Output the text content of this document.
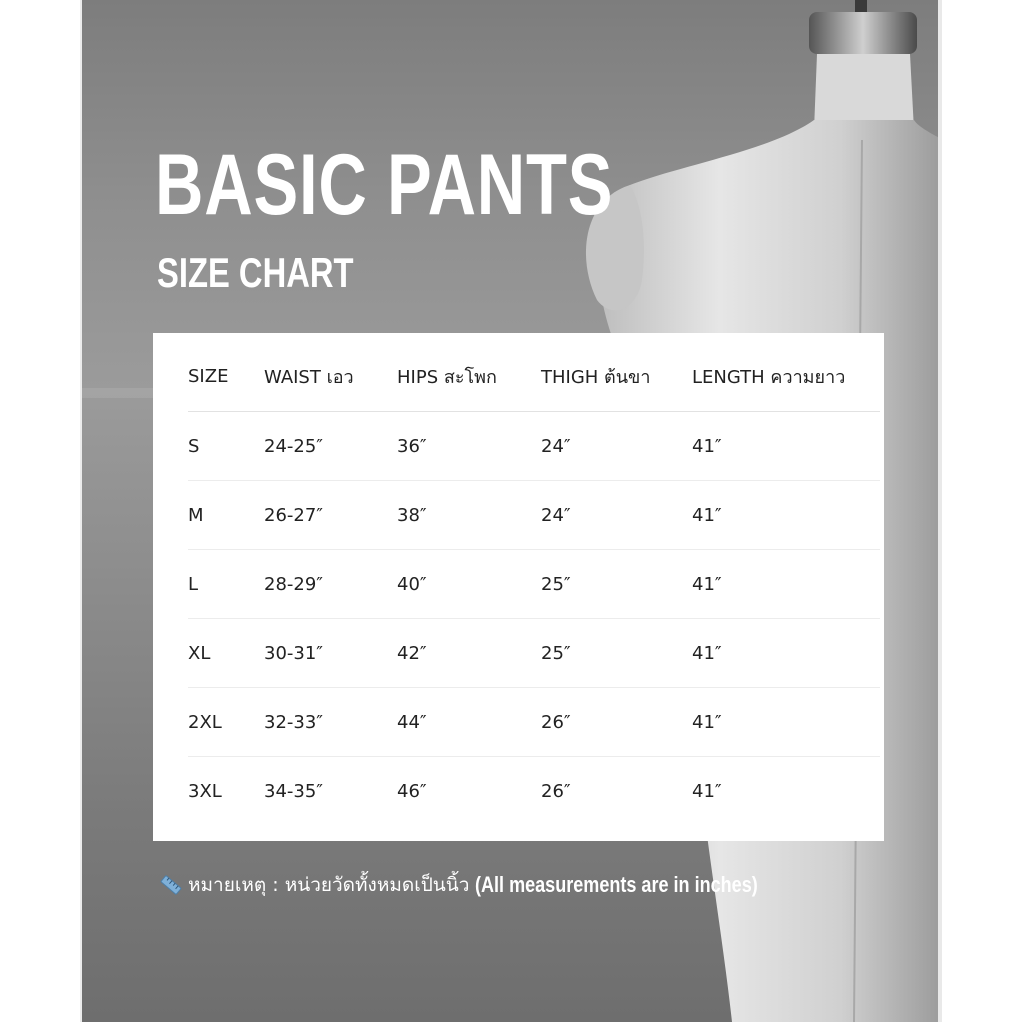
BASIC PANTS
SIZE CHART
SIZE	WAIST เอว	HIPS สะโพก	THIGH ต้นขา	LENGTH ความยาว
S	24-25″	36″	24″	41″
M	26-27″	38″	24″	41″
L	28-29″	40″	25″	41″
XL	30-31″	42″	25″	41″
2XL	32-33″	44″	26″	41″
3XL	34-35″	46″	26″	41″
หมายเหตุ : หน่วยวัดทั้งหมดเป็นนิ้ว (All measurements are in inches)
